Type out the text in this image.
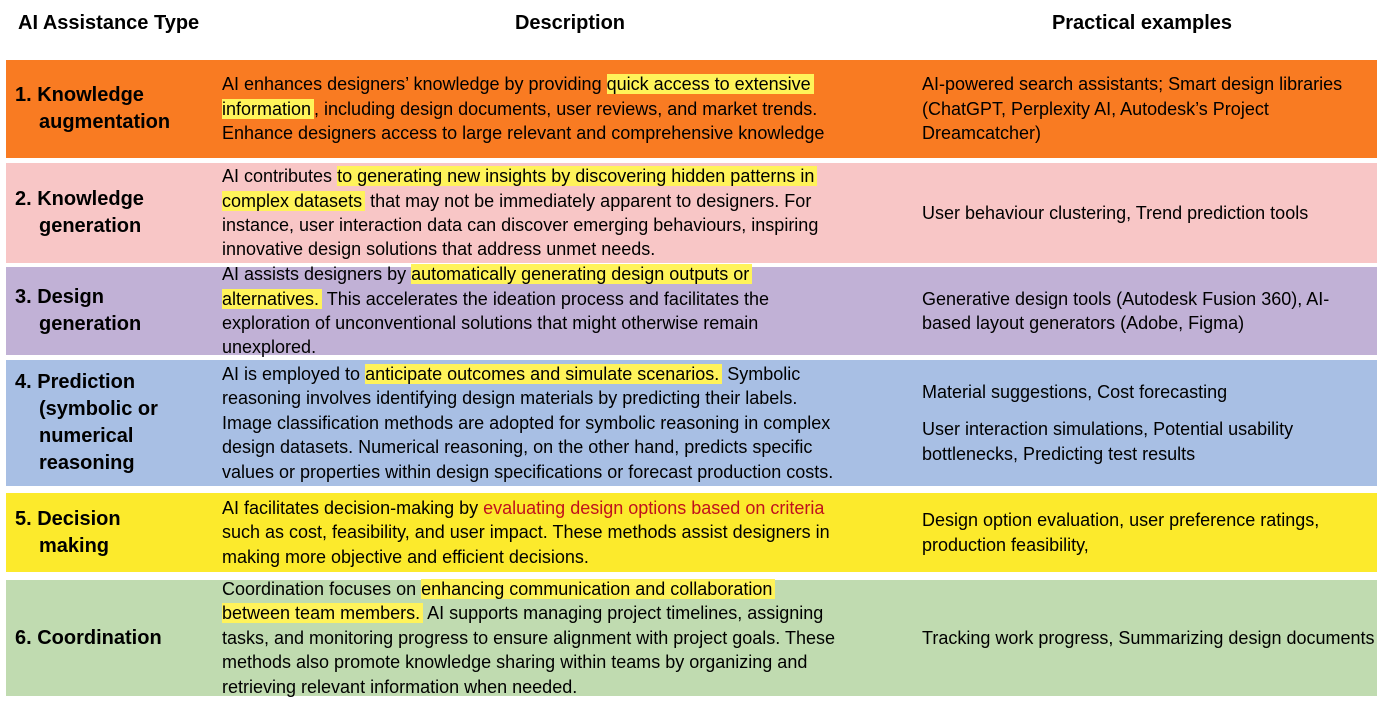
AI Assistance Type	Description	Practical examples
1. Knowledge
augmentation
AI enhances designers’ knowledge by providing quick access to extensive
information , including design documents, user reviews, and market trends.
Enhance designers access to large relevant and comprehensive knowledge
AI-powered search assistants; Smart design libraries (ChatGPT, Perplexity AI, Autodesk’s Project Dreamcatcher)
2. Knowledge
generation
AI contributes to generating new insights by discovering hidden patterns in
complex datasets that may not be immediately apparent to designers. For
instance, user interaction data can discover emerging behaviours, inspiring
innovative design solutions that address unmet needs.
User behaviour clustering, Trend prediction tools
3. Design
generation
AI assists designers by automatically generating design outputs or
alternatives. This accelerates the ideation process and facilitates the
exploration of unconventional solutions that might otherwise remain
unexplored.
Generative design tools (Autodesk Fusion 360), AI-based layout generators (Adobe, Figma)
4. Prediction
(symbolic or
numerical
reasoning
AI is employed to anticipate outcomes and simulate scenarios. Symbolic
reasoning involves identifying design materials by predicting their labels.
Image classification methods are adopted for symbolic reasoning in complex
design datasets. Numerical reasoning, on the other hand, predicts specific
values or properties within design specifications or forecast production costs.
Material suggestions, Cost forecasting
User interaction simulations, Potential usability bottlenecks, Predicting test results
5. Decision
making
AI facilitates decision-making by evaluating design options based on criteria
such as cost, feasibility, and user impact. These methods assist designers in
making more objective and efficient decisions.
Design option evaluation, user preference ratings, production feasibility,
6. Coordination
Coordination focuses on enhancing communication and collaboration
between team members. AI supports managing project timelines, assigning
tasks, and monitoring progress to ensure alignment with project goals. These
methods also promote knowledge sharing within teams by organizing and
retrieving relevant information when needed.
Tracking work progress, Summarizing design documents
